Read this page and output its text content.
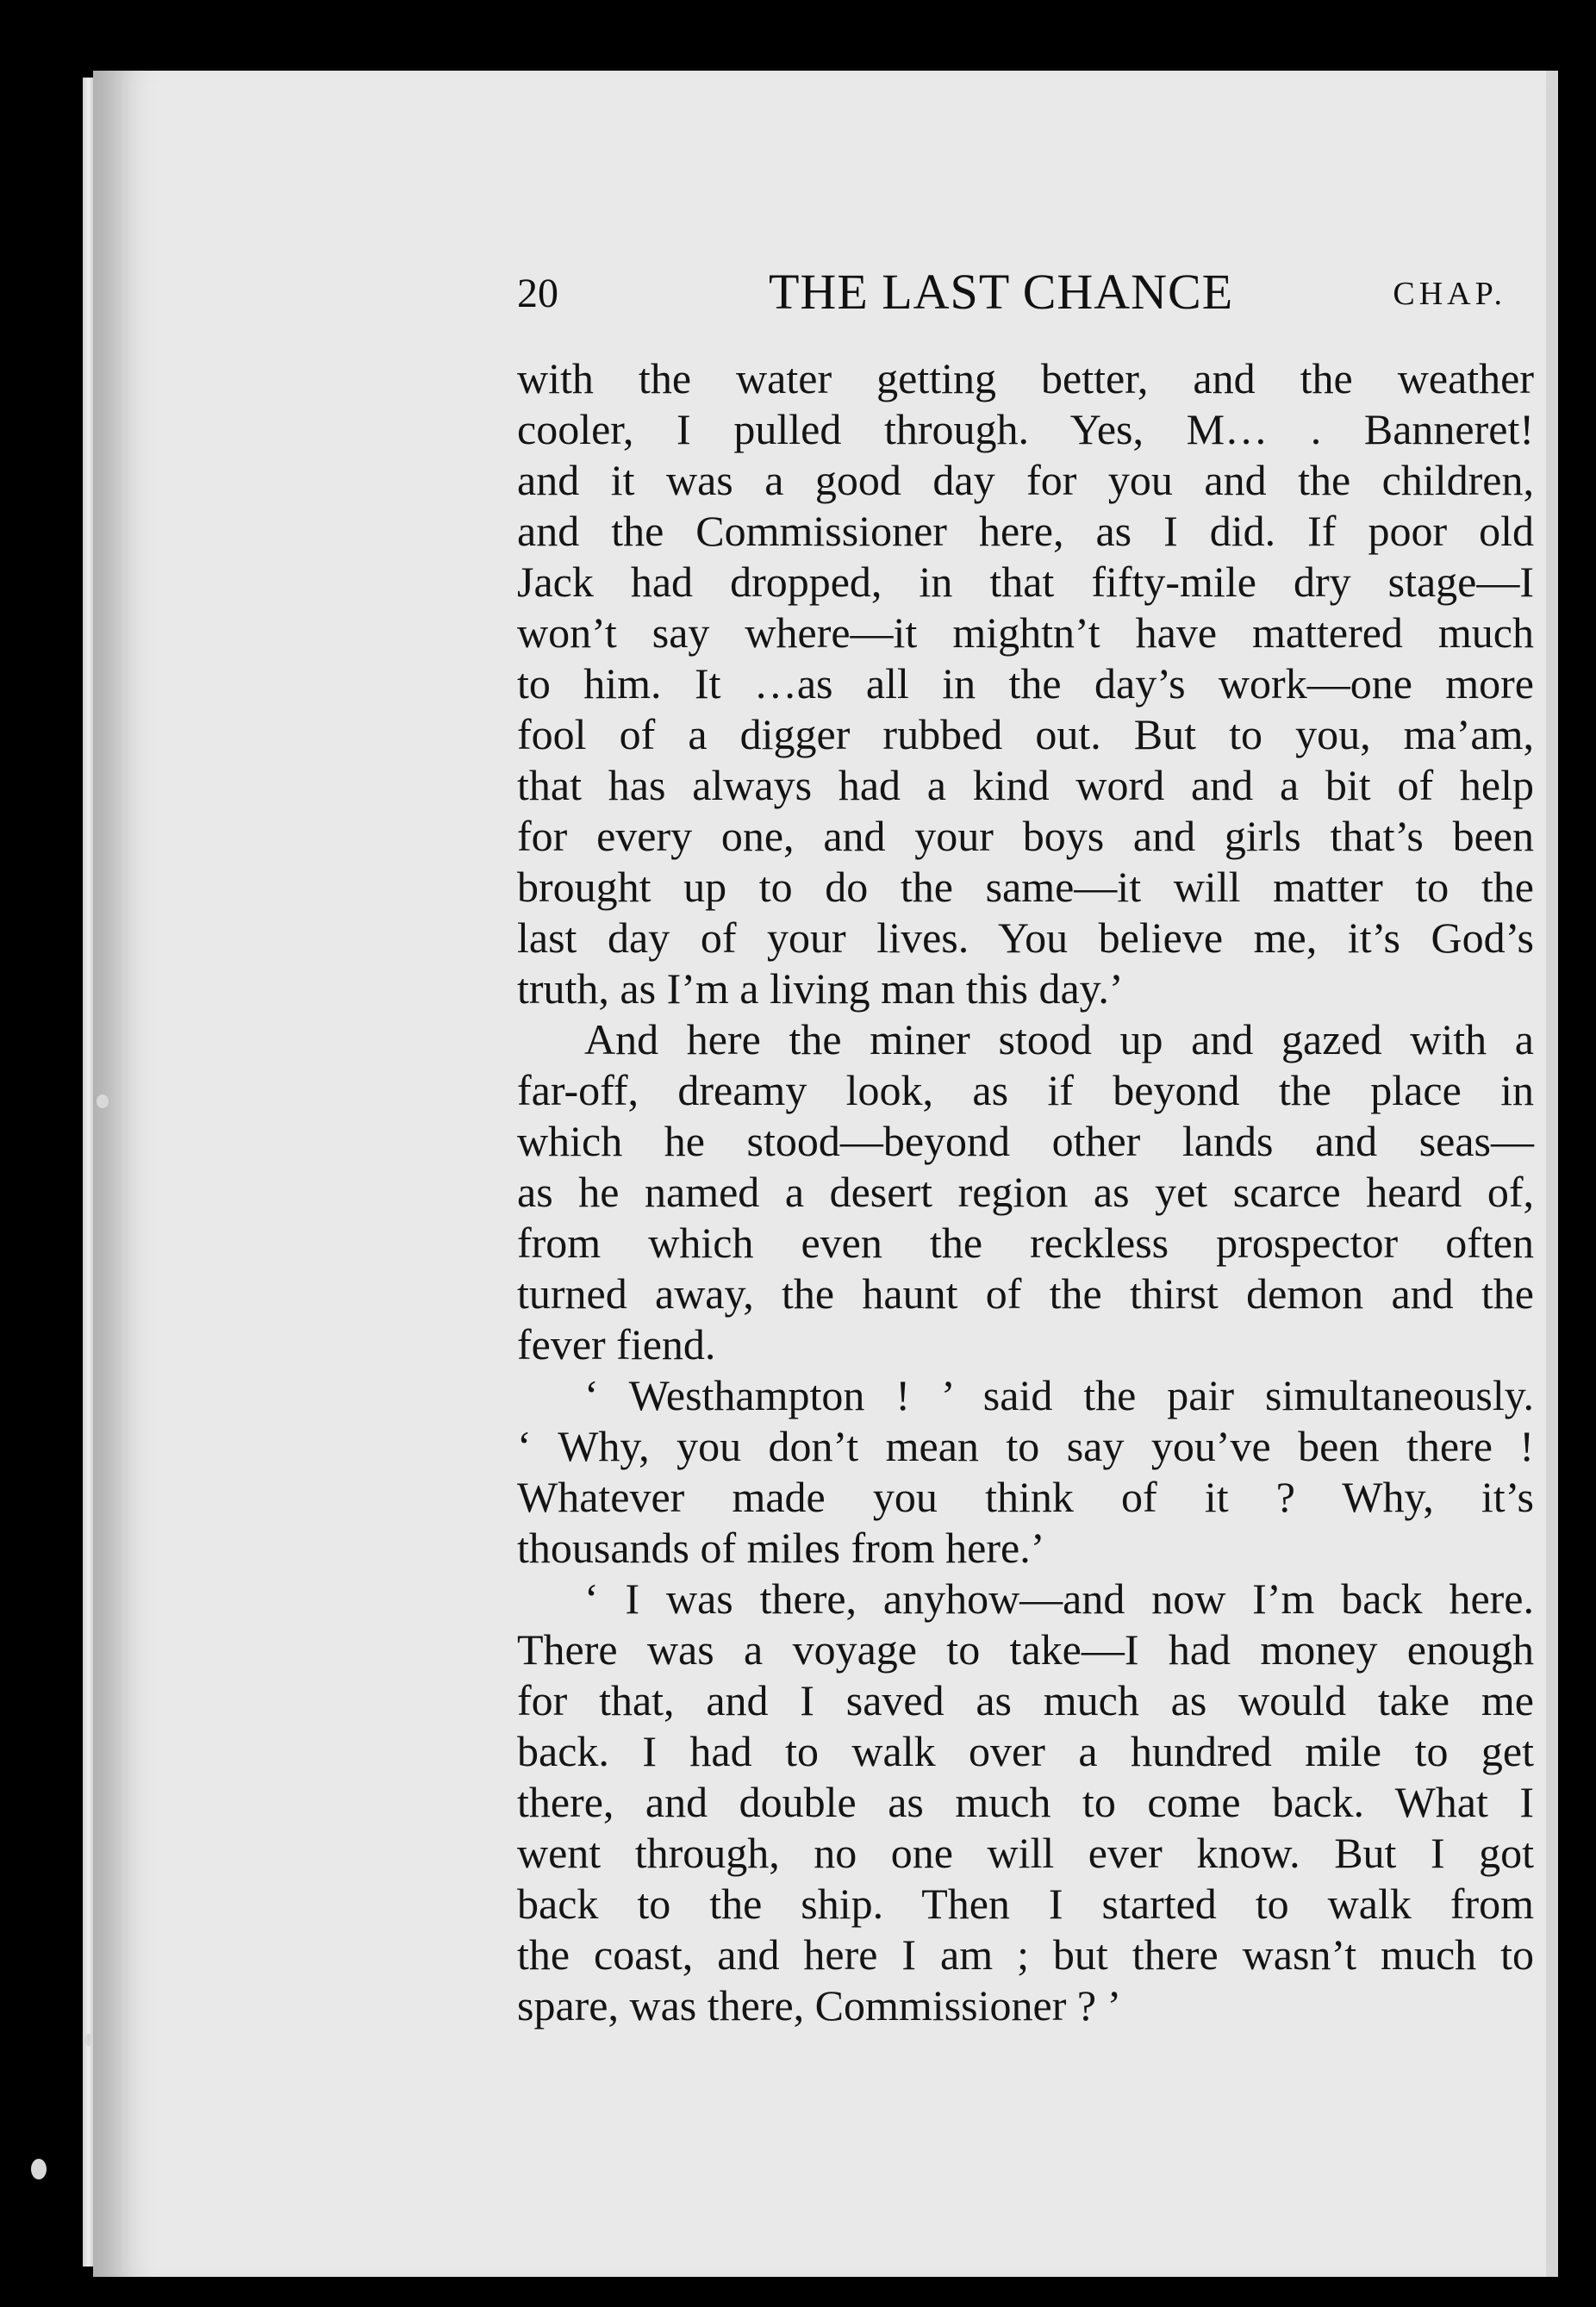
20	THE LAST CHANCE	CHAP.

with the water getting better, and the weather
cooler, I pulled through. Yes, M… . Banneret!
and it was a good day for you and the children,
and the Commissioner here, as I did. If poor old
Jack had dropped, in that fifty-mile dry stage—I
won’t say where—it mightn’t have mattered much
to him. It …as all in the day’s work—one more
fool of a digger rubbed out. But to you, ma’am,
that has always had a kind word and a bit of help
for every one, and your boys and girls that’s been
brought up to do the same—it will matter to the
last day of your lives. You believe me, it’s God’s
truth, as I’m a living man this day.’

And here the miner stood up and gazed with a
far-off, dreamy look, as if beyond the place in
which he stood—beyond other lands and seas—
as he named a desert region as yet scarce heard of,
from which even the reckless prospector often
turned away, the haunt of the thirst demon and the
fever fiend.

‘ Westhampton ! ’ said the pair simultaneously.
‘ Why, you don’t mean to say you’ve been there !
Whatever made you think of it ? Why, it’s
thousands of miles from here.’

‘ I was there, anyhow—and now I’m back here.
There was a voyage to take—I had money enough
for that, and I saved as much as would take me
back. I had to walk over a hundred mile to get
there, and double as much to come back. What I
went through, no one will ever know. But I got
back to the ship. Then I started to walk from
the coast, and here I am ; but there wasn’t much to
spare, was there, Commissioner ? ’
